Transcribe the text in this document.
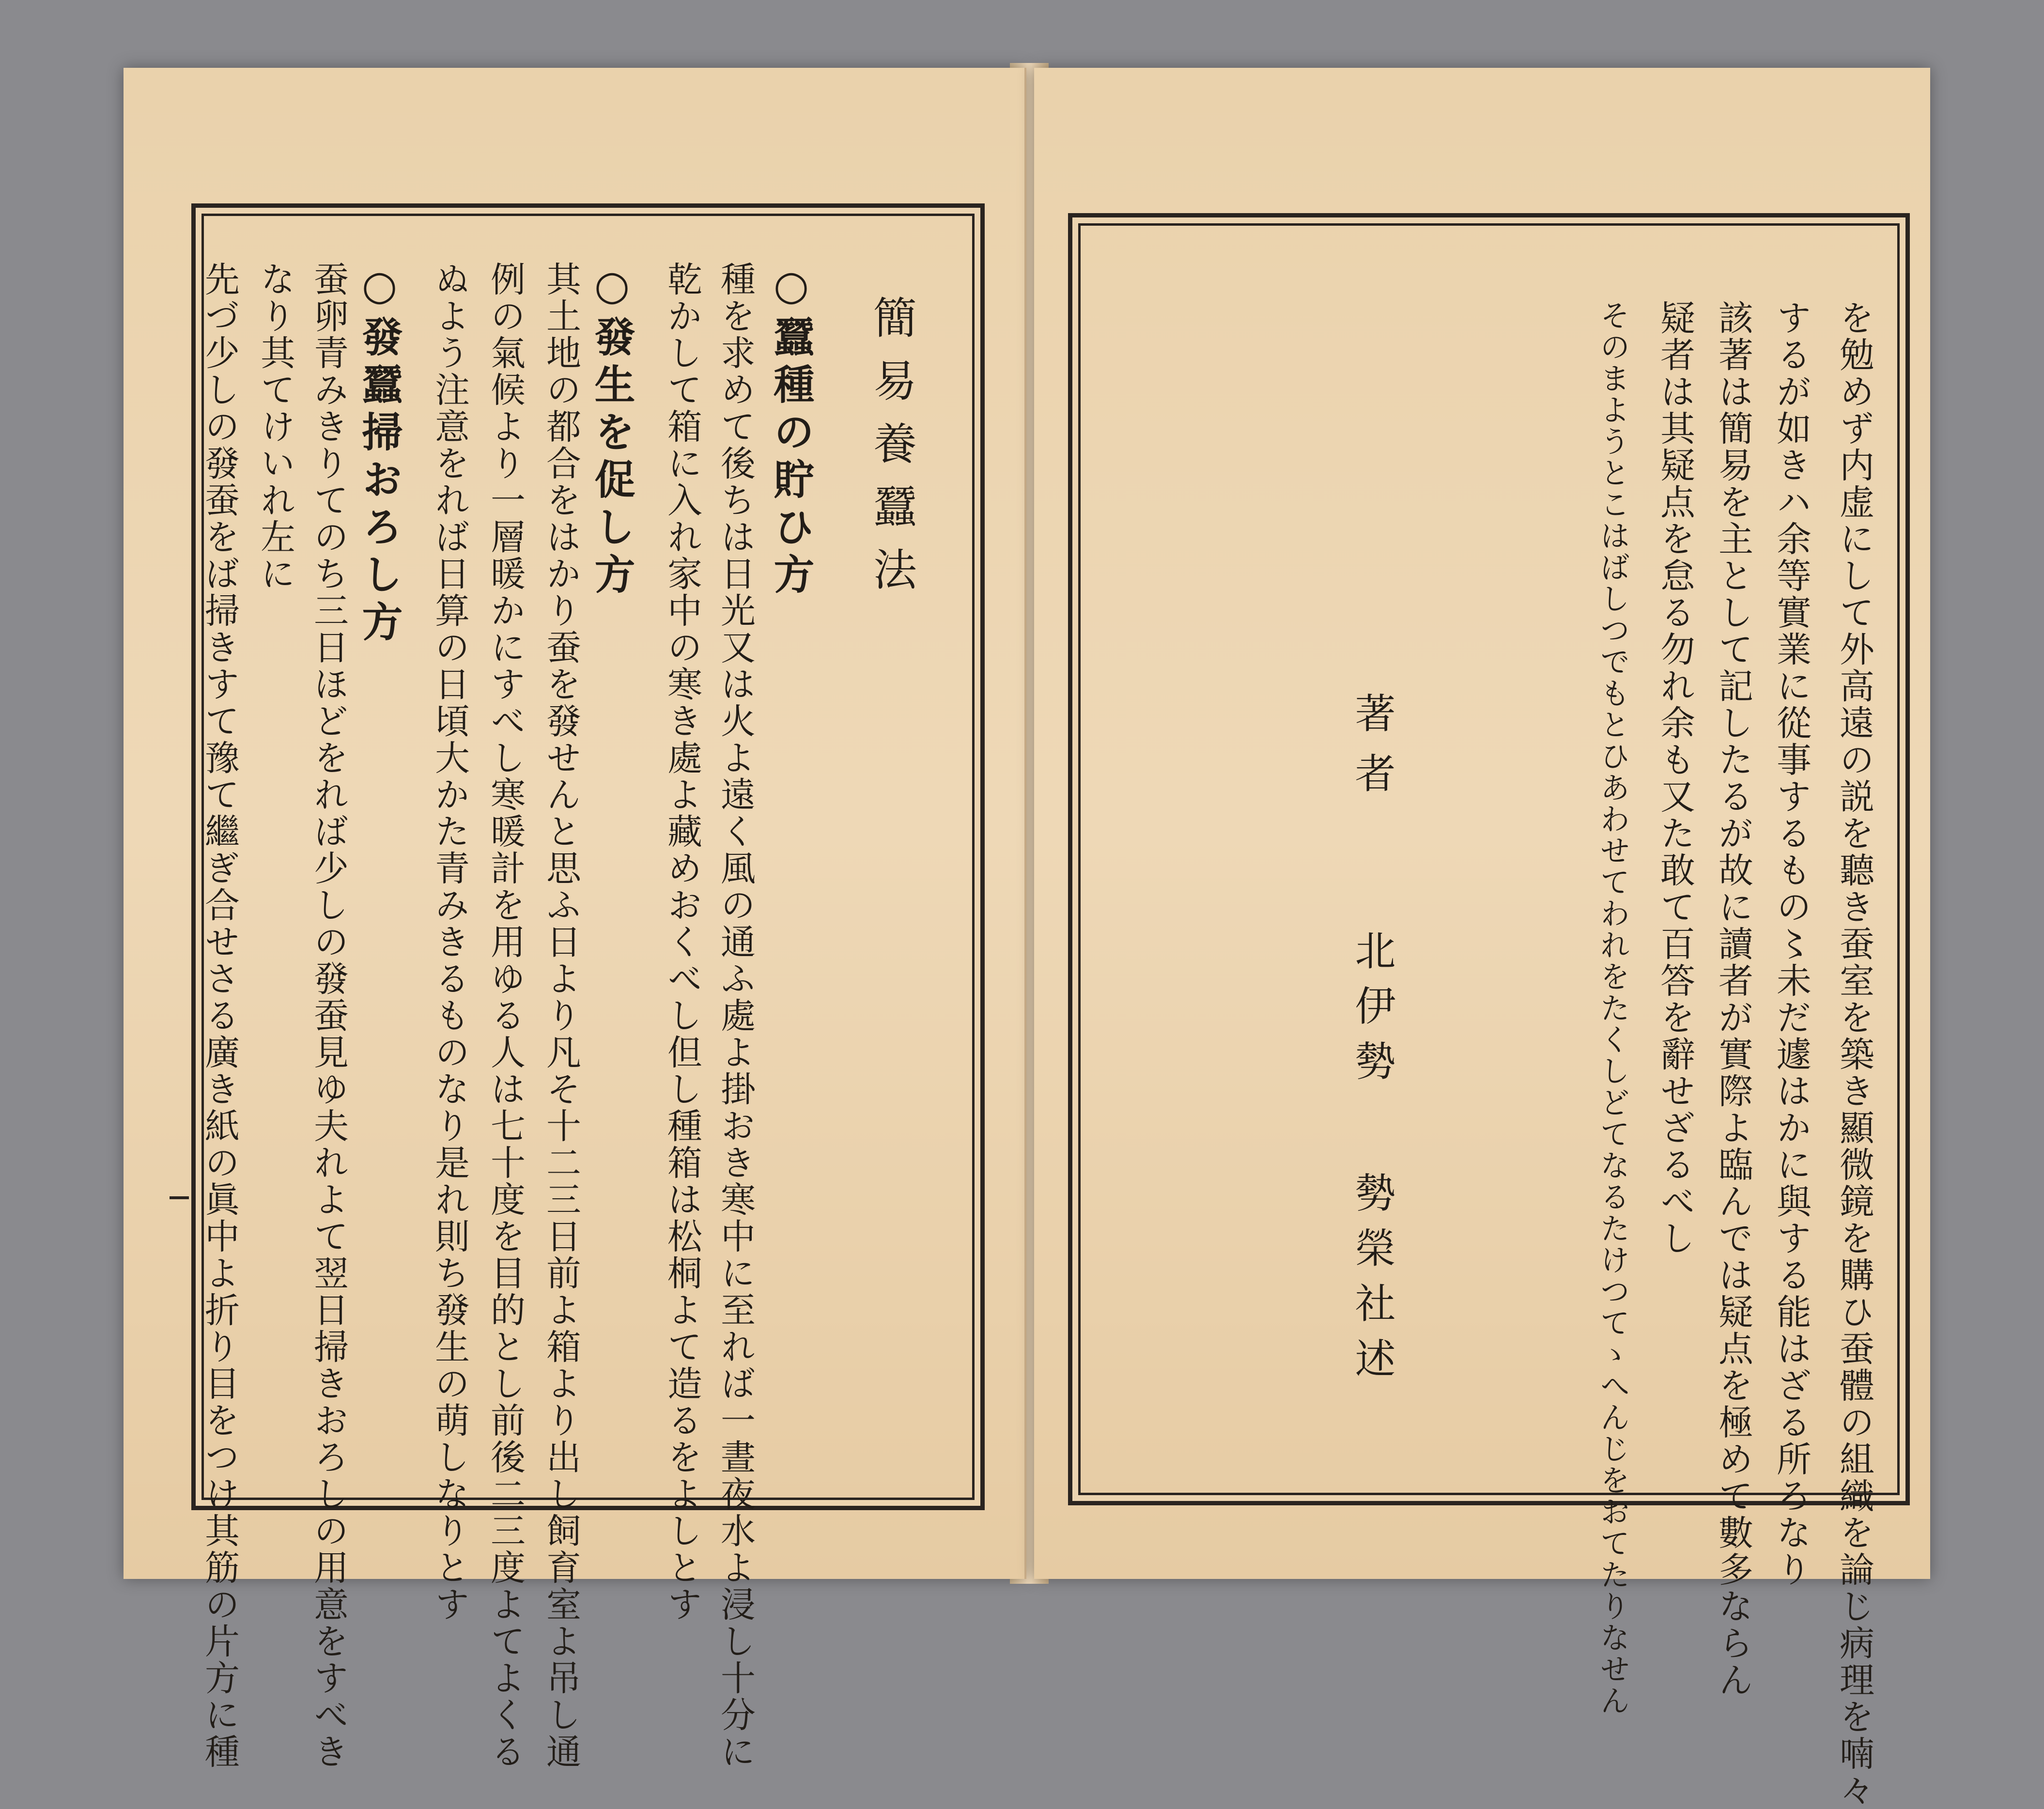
簡易養蠶法
○蠶種の貯ひ方
種を求めて後ちは日光又は火よ遠く風の通ふ處よ掛おき寒中に至れば一晝夜水よ浸し十分に
乾かして箱に入れ家中の寒き處よ藏めおくべし但し種箱は松桐よて造るをよしとす
○發生を促し方
其土地の都合をはかり蚕を發せんと思ふ日より凡そ十二三日前よ箱より出し飼育室よ吊し通
例の氣候より一層暖かにすべし寒暖計を用ゆる人は七十度を目的とし前後二三度よてよくる
ぬよう注意をれば日算の日頃大かた青みきるものなり是れ則ち發生の萌しなりとす
○發蠶掃おろし方
蚕卵青みきりてのち三日ほどをれば少しの發蚕見ゆ夫れよて翌日掃きおろしの用意をすべき
なり其てけいれ左に
先づ少しの發蚕をば掃きすて豫て繼ぎ合せさる廣き紙の眞中よ折り目をつけ其筋の片方に種	を勉めず内虚にして外高遠の説を聽き蚕室を築き顯微鏡を購ひ蚕體の組織を論じ病理を喃々
するが如きハ余等實業に從事するもの〻未だ遽はかに與する能はざる所ろなり
該著は簡易を主として記したるが故に讀者が實際よ臨んでは疑点を極めて數多ならん
疑者は其疑点を怠る勿れ余も又た敢て百答を辭せざるべし
そのまようとこはばしつでもとひあわせてわれをたくしどてなるたけつてゝへんじをおてたりなせん
著者
北伊勢
勢榮社述
